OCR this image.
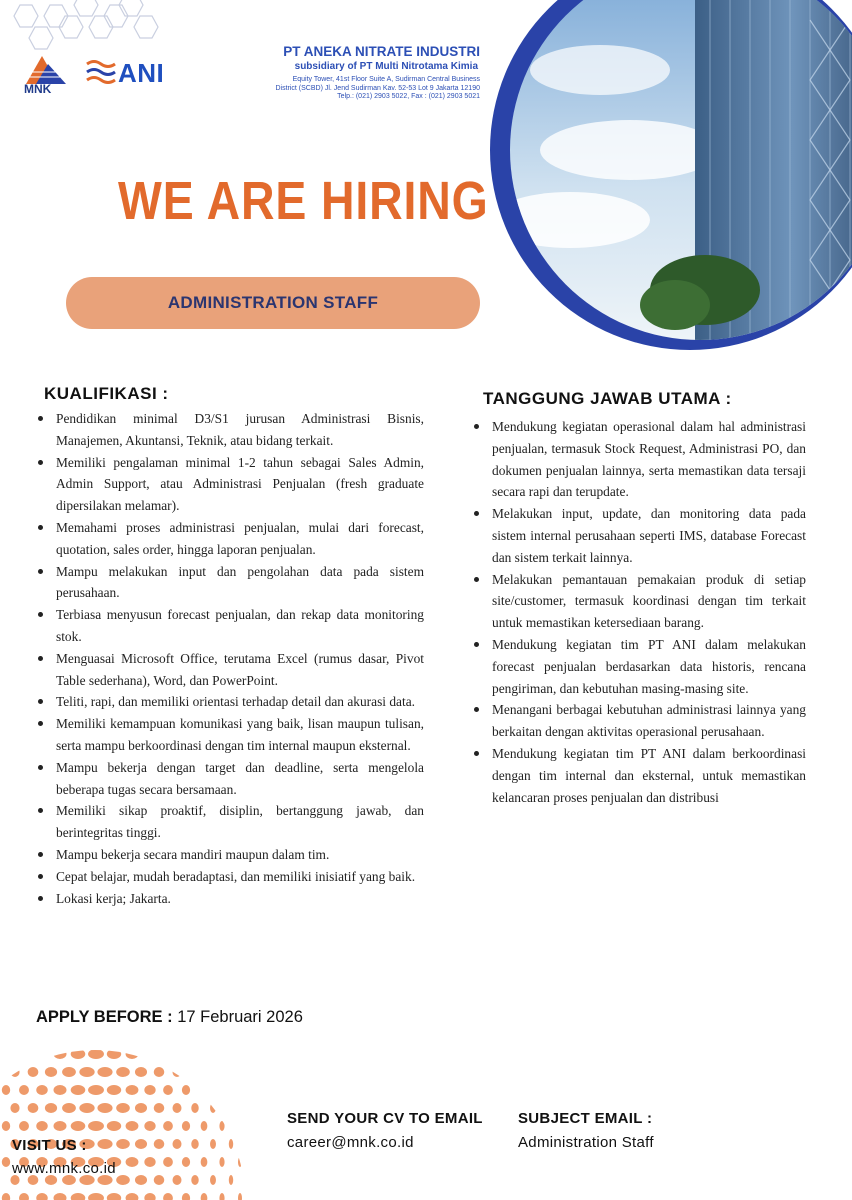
MNK
ANI
PT ANEKA NITRATE INDUSTRI
subsidiary of PT Multi Nitrotama Kimia
Equity Tower, 41st Floor Suite A, Sudirman Central Business
District (SCBD) Jl. Jend Sudirman Kav. 52-53 Lot 9 Jakarta 12190
Telp.: (021) 2903 5022, Fax : (021) 2903 5021
WE ARE HIRING
ADMINISTRATION STAFF
KUALIFIKASI :
Pendidikan minimal D3/S1 jurusan Administrasi Bisnis, Manajemen, Akuntansi, Teknik, atau bidang terkait.
Memiliki pengalaman minimal 1-2 tahun sebagai Sales Admin, Admin Support, atau Administrasi Penjualan (fresh graduate dipersilakan melamar).
Memahami proses administrasi penjualan, mulai dari forecast, quotation, sales order, hingga laporan penjualan.
Mampu melakukan input dan pengolahan data pada sistem perusahaan.
Terbiasa menyusun forecast penjualan, dan rekap data monitoring stok.
Menguasai Microsoft Office, terutama Excel (rumus dasar, Pivot Table sederhana), Word, dan PowerPoint.
Teliti, rapi, dan memiliki orientasi terhadap detail dan akurasi data.
Memiliki kemampuan komunikasi yang baik, lisan maupun tulisan, serta mampu berkoordinasi dengan tim internal maupun eksternal.
Mampu bekerja dengan target dan deadline, serta mengelola beberapa tugas secara bersamaan.
Memiliki sikap proaktif, disiplin, bertanggung jawab, dan berintegritas tinggi.
Mampu bekerja secara mandiri maupun dalam tim.
Cepat belajar, mudah beradaptasi, dan memiliki inisiatif yang baik.
Lokasi kerja; Jakarta.
TANGGUNG JAWAB UTAMA :
Mendukung kegiatan operasional dalam hal administrasi penjualan, termasuk Stock Request, Administrasi PO, dan dokumen penjualan lainnya, serta memastikan data tersaji secara rapi dan terupdate.
Melakukan input, update, dan monitoring data pada sistem internal perusahaan seperti IMS, database Forecast dan sistem terkait lainnya.
Melakukan pemantauan pemakaian produk di setiap site/customer, termasuk koordinasi dengan tim terkait untuk memastikan ketersediaan barang.
Mendukung kegiatan tim PT ANI dalam melakukan forecast penjualan berdasarkan data historis, rencana pengiriman, dan kebutuhan masing-masing site.
Menangani berbagai kebutuhan administrasi lainnya yang berkaitan dengan aktivitas operasional perusahaan.
Mendukung kegiatan tim PT ANI dalam berkoordinasi dengan tim internal dan eksternal, untuk memastikan kelancaran proses penjualan dan distribusi
APPLY BEFORE : 17 Februari 2026
VISIT US :
www.mnk.co.id
SEND YOUR CV TO EMAIL
career@mnk.co.id
SUBJECT EMAIL :
Administration Staff
